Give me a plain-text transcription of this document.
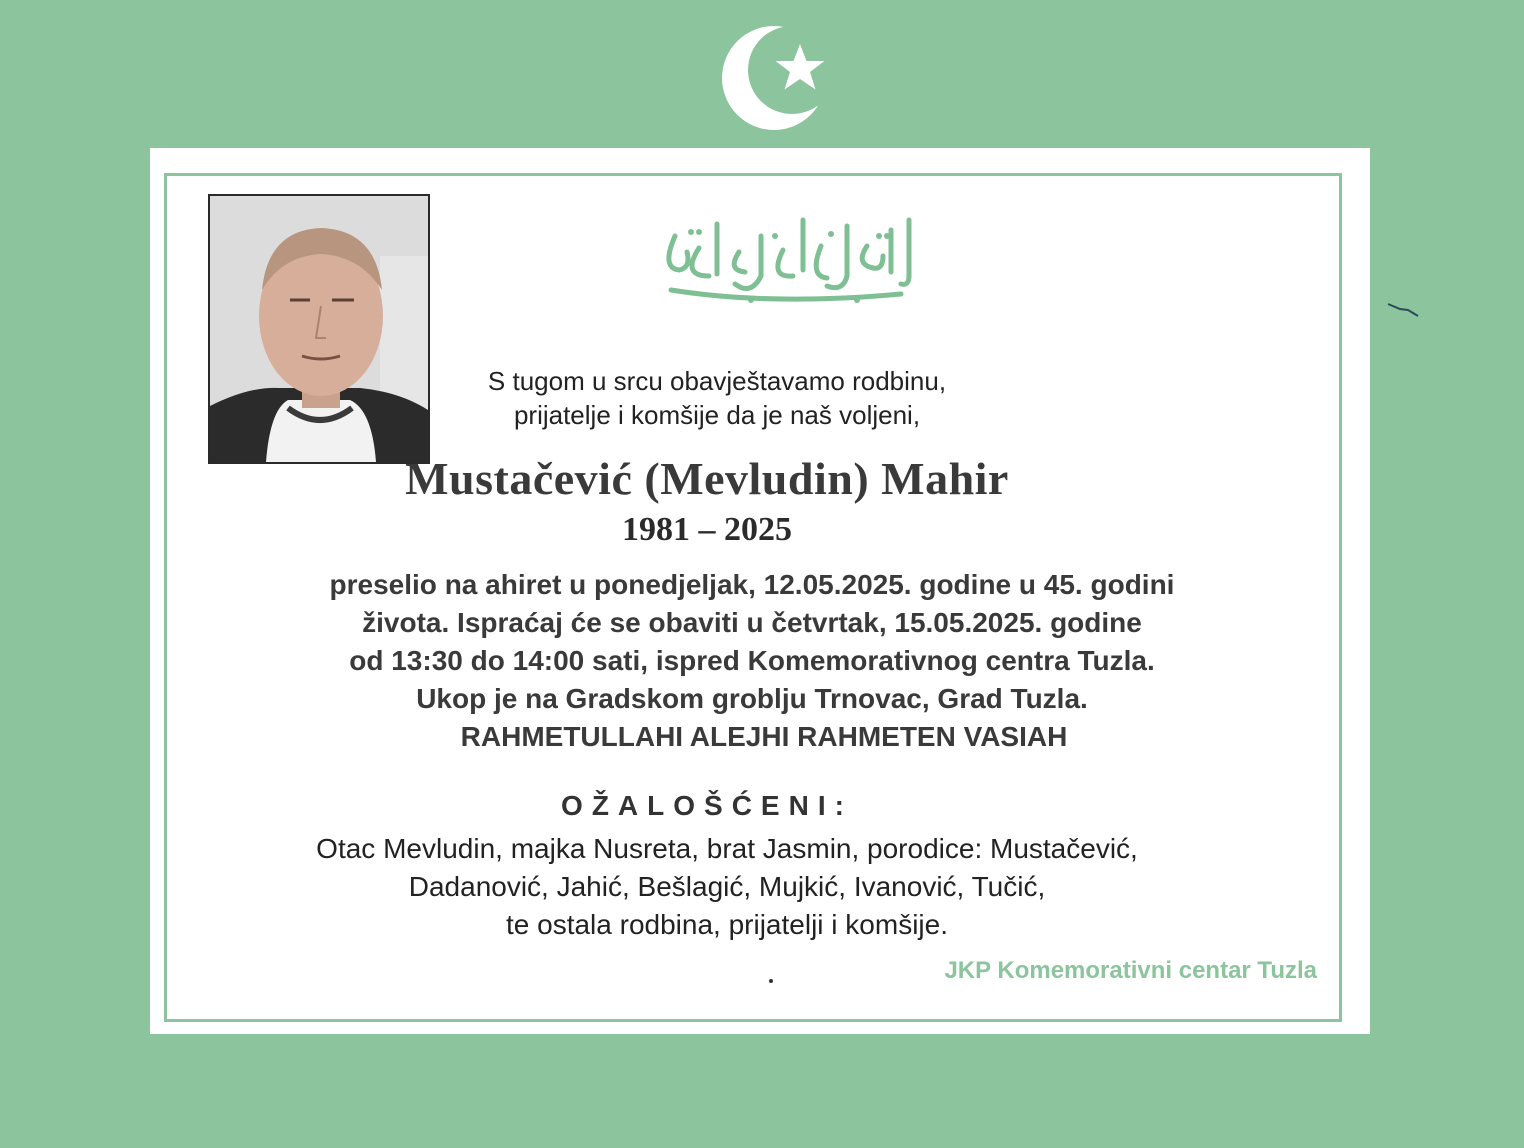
S tugom u srcu obavještavamo rodbinu,
prijatelje i komšije da je naš voljeni,
Mustačević (Mevludin) Mahir
1981 – 2025
preselio na ahiret u ponedjeljak, 12.05.2025. godine u 45. godini
života. Ispraćaj će se obaviti u četvrtak, 15.05.2025. godine
od 13:30 do 14:00 sati, ispred Komemorativnog centra Tuzla.
Ukop je na Gradskom groblju Trnovac, Grad Tuzla.
RAHMETULLAHI ALEJHI RAHMETEN VASIAH
OŽALOŠĆENI:
Otac Mevludin, majka Nusreta, brat Jasmin, porodice: Mustačević,
Dadanović, Jahić, Bešlagić, Mujkić, Ivanović, Tučić,
te ostala rodbina, prijatelji i komšije.
JKP Komemorativni centar Tuzla
